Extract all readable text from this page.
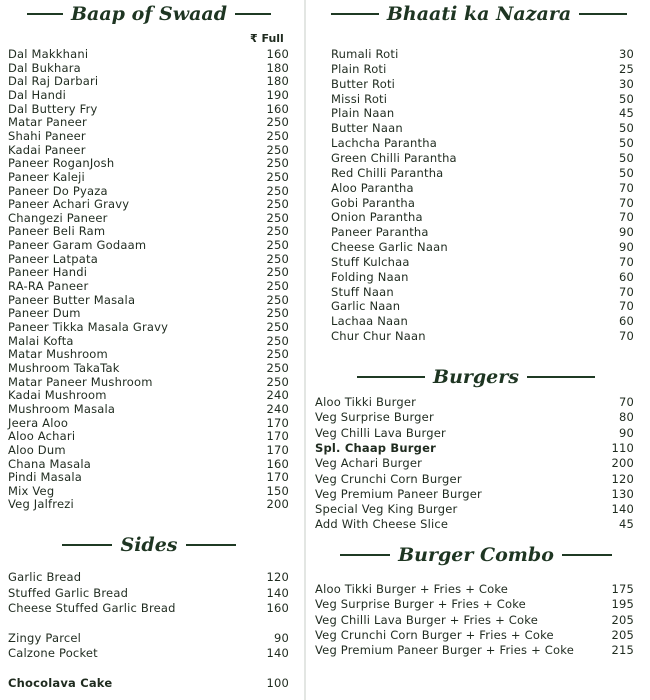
Baap of Swaad
₹ Full
Dal Makkhani	160
Dal Bukhara	180
Dal Raj Darbari	180
Dal Handi	190
Dal Buttery Fry	160
Matar Paneer	250
Shahi Paneer	250
Kadai Paneer	250
Paneer RoganJosh	250
Paneer Kaleji	250
Paneer Do Pyaza	250
Paneer Achari Gravy	250
Changezi Paneer	250
Paneer Beli Ram	250
Paneer Garam Godaam	250
Paneer Latpata	250
Paneer Handi	250
RA-RA Paneer	250
Paneer Butter Masala	250
Paneer Dum	250
Paneer Tikka Masala Gravy	250
Malai Kofta	250
Matar Mushroom	250
Mushroom TakaTak	250
Matar Paneer Mushroom	250
Kadai Mushroom	240
Mushroom Masala	240
Jeera Aloo	170
Aloo Achari	170
Aloo Dum	170
Chana Masala	160
Pindi Masala	170
Mix Veg	150
Veg Jalfrezi	200
Sides
Garlic Bread	120
Stuffed Garlic Bread	140
Cheese Stuffed Garlic Bread	160
Zingy Parcel	90
Calzone Pocket	140
Chocolava Cake	100
Bhaati ka Nazara
Rumali Roti	30
Plain Roti	25
Butter Roti	30
Missi Roti	50
Plain Naan	45
Butter Naan	50
Lachcha Parantha	50
Green Chilli Parantha	50
Red Chilli Parantha	50
Aloo Parantha	70
Gobi Parantha	70
Onion Parantha	70
Paneer Parantha	90
Cheese Garlic Naan	90
Stuff Kulchaa	70
Folding Naan	60
Stuff Naan	70
Garlic Naan	70
Lachaa Naan	60
Chur Chur Naan	70
Burgers
Aloo Tikki Burger	70
Veg Surprise Burger	80
Veg Chilli Lava Burger	90
Spl. Chaap Burger	110
Veg Achari Burger	200
Veg Crunchi Corn Burger	120
Veg Premium Paneer Burger	130
Special Veg King Burger	140
Add With Cheese Slice	45
Burger Combo
Aloo Tikki Burger + Fries + Coke	175
Veg Surprise Burger + Fries + Coke	195
Veg Chilli Lava Burger + Fries + Coke	205
Veg Crunchi Corn Burger + Fries + Coke	205
Veg Premium Paneer Burger + Fries + Coke	215
